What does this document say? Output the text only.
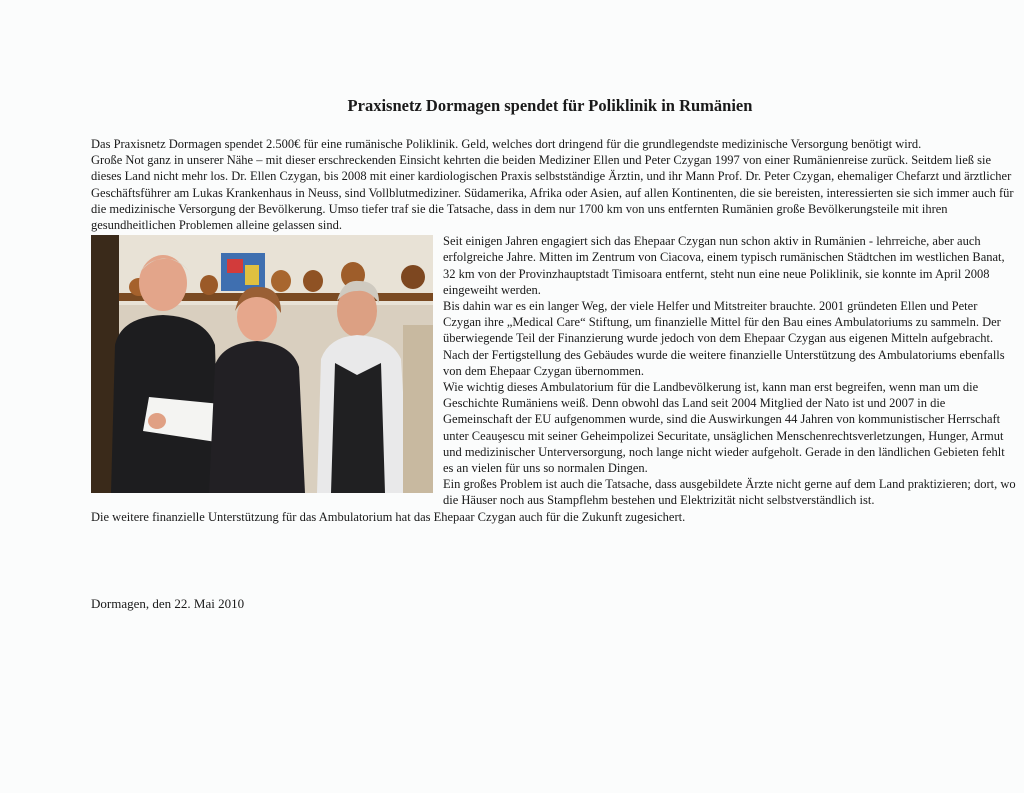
Praxisnetz Dormagen spendet für Poliklinik in Rumänien

Das Praxisnetz Dormagen spendet 2.500€ für eine rumänische Poliklinik. Geld, welches dort dringend für die grundlegendste medizinische Versorgung benötigt wird.

Große Not ganz in unserer Nähe – mit dieser erschreckenden Einsicht kehrten die beiden Mediziner Ellen und Peter Czygan 1997 von einer Rumänienreise zurück. Seitdem ließ sie dieses Land nicht mehr los. Dr. Ellen Czygan, bis 2008 mit einer kardiologischen Praxis selbstständige Ärztin, und ihr Mann Prof. Dr. Peter Czygan, ehemaliger Chefarzt und ärztlicher Geschäftsführer am Lukas Krankenhaus in Neuss, sind Vollblutmediziner. Südamerika, Afrika oder Asien, auf allen Kontinenten, die sie bereisten, interessierten sie sich immer auch für die medizinische Versorgung der Bevölkerung. Umso tiefer traf sie die Tatsache, dass in dem nur 1700 km von uns entfernten Rumänien große Bevölkerungsteile mit ihren gesundheitlichen Problemen alleine gelassen sind.

Seit einigen Jahren engagiert sich das Ehepaar Czygan nun schon aktiv in Rumänien - lehrreiche, aber auch erfolgreiche Jahre. Mitten im Zentrum von Ciacova, einem typisch rumänischen Städtchen im westlichen Banat, 32 km von der Provinzhauptstadt Timisoara entfernt, steht nun eine neue Poliklinik, sie konnte im April 2008 eingeweiht werden.

Bis dahin war es ein langer Weg, der viele Helfer und Mitstreiter brauchte. 2001 gründeten Ellen und Peter Czygan ihre „Medical Care“ Stiftung, um finanzielle Mittel für den Bau eines Ambulatoriums zu sammeln. Der überwiegende Teil der Finanzierung wurde jedoch von dem Ehepaar Czygan aus eigenen Mitteln aufgebracht.

Nach der Fertigstellung des Gebäudes wurde die weitere finanzielle Unterstützung des Ambulatoriums ebenfalls von dem Ehepaar Czygan übernommen.

Wie wichtig dieses Ambulatorium für die Landbevölkerung ist, kann man erst begreifen, wenn man um die Geschichte Rumäniens weiß. Denn obwohl das Land seit 2004 Mitglied der Nato ist und 2007 in die Gemeinschaft der EU aufgenommen wurde, sind die Auswirkungen 44 Jahren von kommunistischer Herrschaft unter Ceauşescu mit seiner Geheimpolizei Securitate, unsäglichen Menschenrechtsverletzungen, Hunger, Armut und medizinischer Unterversorgung, noch lange nicht wieder aufgeholt. Gerade in den ländlichen Gebieten fehlt es an vielen für uns so normalen Dingen.

Ein großes Problem ist auch die Tatsache, dass ausgebildete Ärzte nicht gerne auf dem Land praktizieren; dort, wo die Häuser noch aus Stampflehm bestehen und Elektrizität nicht selbstverständlich ist.

Die weitere finanzielle Unterstützung für das Ambulatorium hat das Ehepaar Czygan auch für die Zukunft zugesichert.

Dormagen, den 22. Mai 2010
